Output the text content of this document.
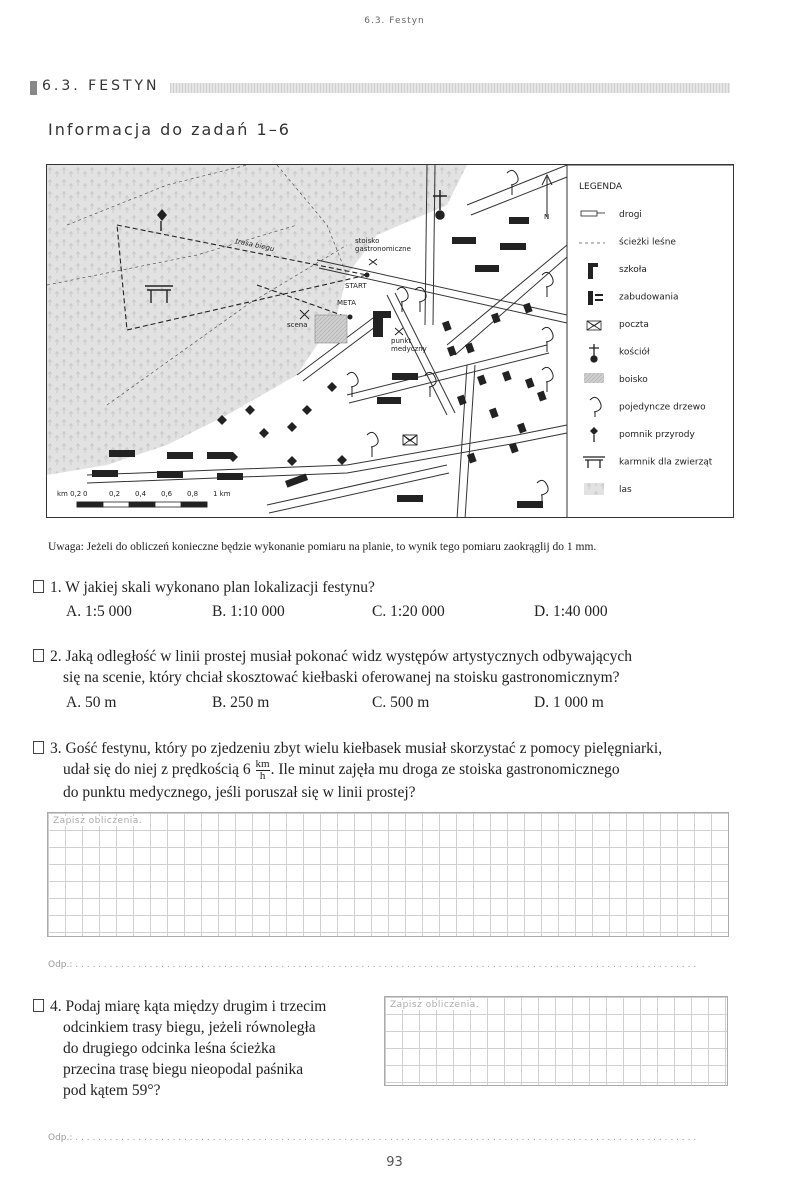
6.3. Festyn
6.3. FESTYN
Informacja do zadań 1–6
trasa biegu
START
META
stoisko
gastronomiczne
scena
punkt
medyczny
N
km 0,2 0	0,2 0,4 0,6 0,8 1 km
LEGENDA
drogi
ścieżki leśne
szkoła
zabudowania
poczta
kościół
boisko
pojedyncze drzewo
pomnik przyrody
karmnik dla zwierząt
las
Uwaga: Jeżeli do obliczeń konieczne będzie wykonanie pomiaru na planie, to wynik tego pomiaru zaokrąglij do 1 mm.
1. W jakiej skali wykonano plan lokalizacji festynu?
A. 1:5 000	B. 1:10 000	C. 1:20 000	D. 1:40 000
2. Jaką odległość w linii prostej musiał pokonać widz występów artystycznych odbywających
się na scenie, który chciał skosztować kiełbaski oferowanej na stoisku gastronomicznym?
A. 50 m	B. 250 m	C. 500 m	D. 1 000 m
3. Gość festynu, który po zjedzeniu zbyt wielu kiełbasek musiał skorzystać z pomocy pielęgniarki,
udał się do niej z prędkością $6 \frac{km}{h}$ . Ile minut zajęła mu droga ze stoiska gastronomicznego
do punktu medycznego, jeśli poruszał się w linii prostej?
Zapisz obliczenia.
Odp.: . . . . . . . . . . . . . . . . . . . . . . . . . . . . . . . . . . . . . . . . . . . . . . . . . . . . . . . . . . . . . . . . . . . . . . . . . . . . . . . . . . . . . . . . . . . . . . . . . . . . . . . . . . . . .
4. Podaj miarę kąta między drugim i trzecim
odcinkiem trasy biegu, jeżeli równoległa
do drugiego odcinka leśna ścieżka
przecina trasę biegu nieopodal paśnika
pod kątem 59°?
Zapisz obliczenia.
Odp.: . . . . . . . . . . . . . . . . . . . . . . . . . . . . . . . . . . . . . . . . . . . . . . . . . . . . . . . . . . . . . . . . . . . . . . . . . . . . . . . . . . . . . . . . . . . . . . . . . . . . . . . . . . . . .
93
